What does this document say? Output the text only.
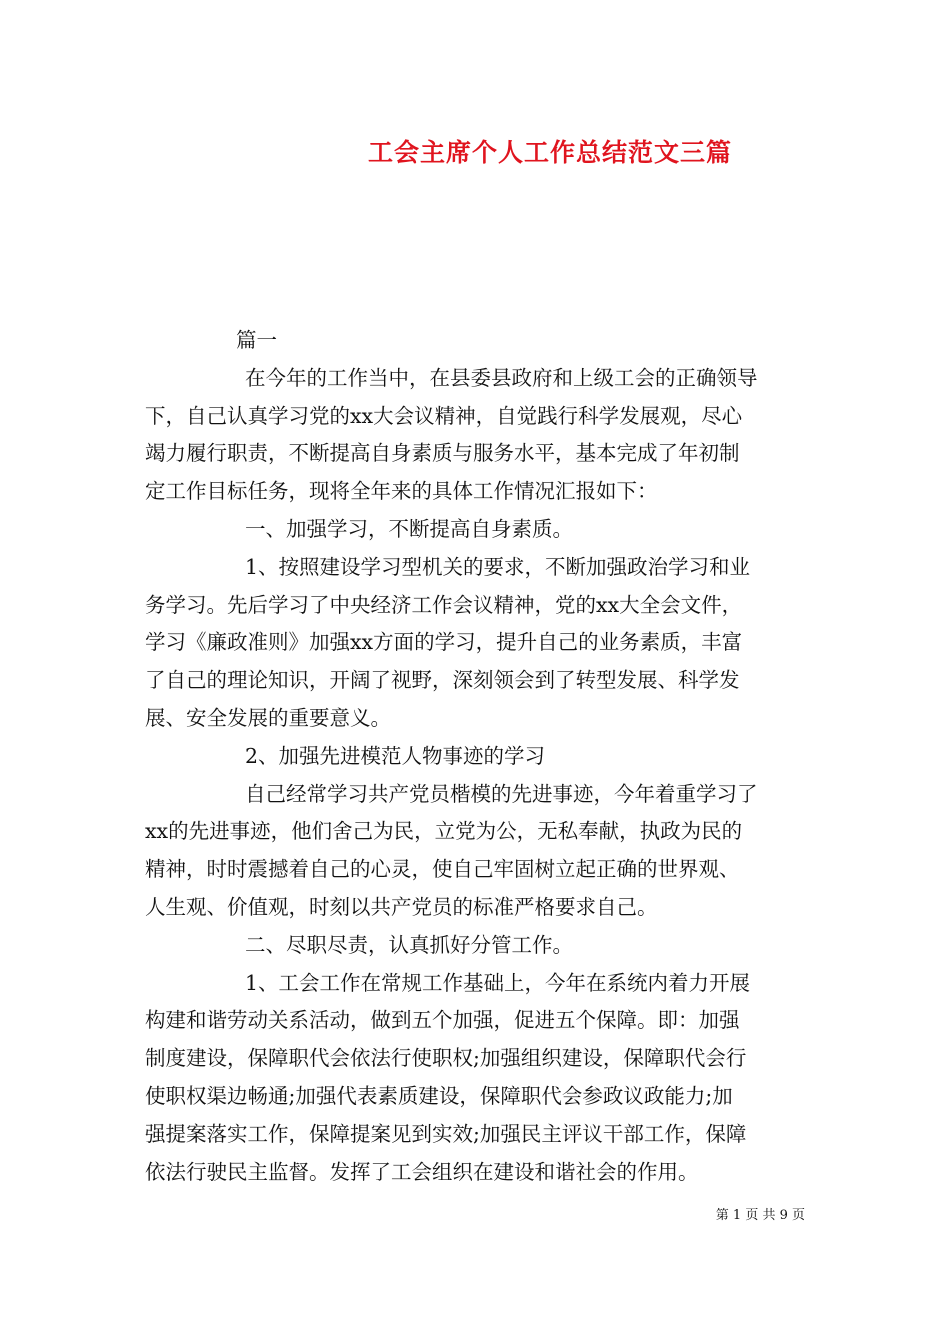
工会主席个人工作总结范文三篇
篇一
在今年的工作当中，在县委县政府和上级工会的正确领导
下，自己认真学习党的xx大会议精神，自觉践行科学发展观，尽心
竭力履行职责，不断提高自身素质与服务水平，基本完成了年初制
定工作目标任务，现将全年来的具体工作情况汇报如下：
一、加强学习，不断提高自身素质。
1、按照建设学习型机关的要求，不断加强政治学习和业
务学习。先后学习了中央经济工作会议精神，党的xx大全会文件，
学习《廉政准则》加强xx方面的学习，提升自己的业务素质，丰富
了自己的理论知识，开阔了视野，深刻领会到了转型发展、科学发
展、安全发展的重要意义。
2、加强先进模范人物事迹的学习
自己经常学习共产党员楷模的先进事迹，今年着重学习了
xx的先进事迹，他们舍己为民，立党为公，无私奉献，执政为民的
精神，时时震撼着自己的心灵，使自己牢固树立起正确的世界观、
人生观、价值观，时刻以共产党员的标准严格要求自己。
二、尽职尽责，认真抓好分管工作。
1、工会工作在常规工作基础上，今年在系统内着力开展
构建和谐劳动关系活动，做到五个加强，促进五个保障。即：加强
制度建设，保障职代会依法行使职权;加强组织建设，保障职代会行
使职权渠边畅通;加强代表素质建设，保障职代会参政议政能力;加
强提案落实工作，保障提案见到实效;加强民主评议干部工作，保障
依法行驶民主监督。发挥了工会组织在建设和谐社会的作用。
第 1 页 共 9 页
